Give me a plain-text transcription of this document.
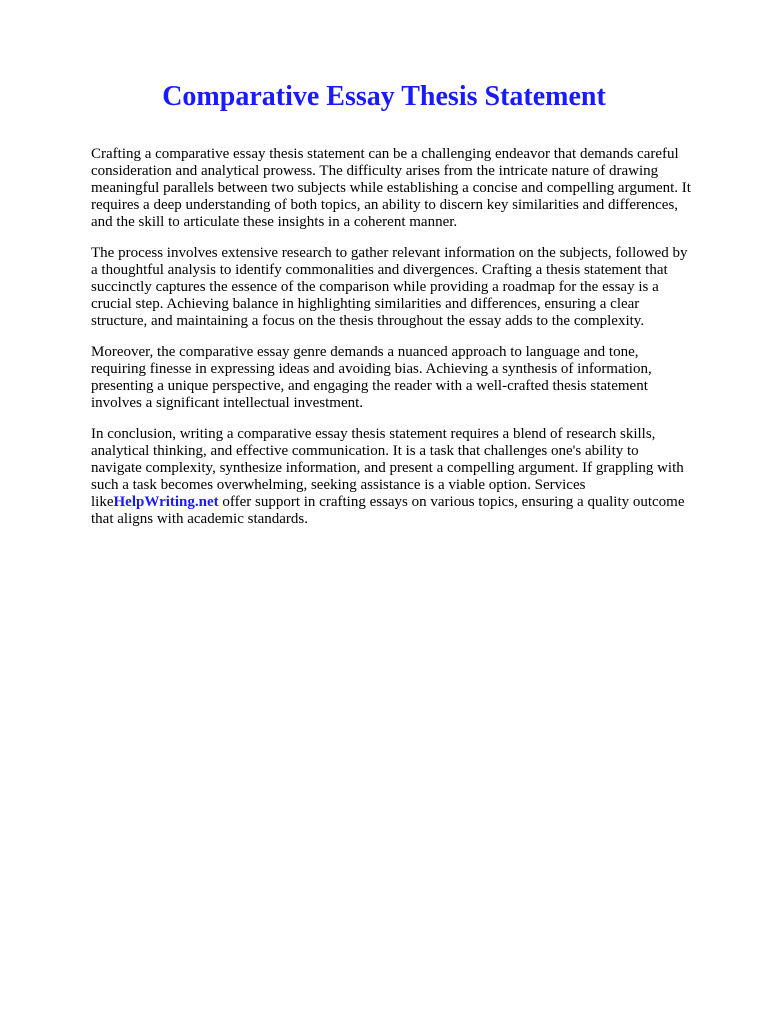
Comparative Essay Thesis Statement

Crafting a comparative essay thesis statement can be a challenging endeavor that demands careful consideration and analytical prowess. The difficulty arises from the intricate nature of drawing meaningful parallels between two subjects while establishing a concise and compelling argument. It requires a deep understanding of both topics, an ability to discern key similarities and differences, and the skill to articulate these insights in a coherent manner.

The process involves extensive research to gather relevant information on the subjects, followed by a thoughtful analysis to identify commonalities and divergences. Crafting a thesis statement that succinctly captures the essence of the comparison while providing a roadmap for the essay is a crucial step. Achieving balance in highlighting similarities and differences, ensuring a clear structure, and maintaining a focus on the thesis throughout the essay adds to the complexity.

Moreover, the comparative essay genre demands a nuanced approach to language and tone, requiring finesse in expressing ideas and avoiding bias. Achieving a synthesis of information, presenting a unique perspective, and engaging the reader with a well-crafted thesis statement involves a significant intellectual investment.

In conclusion, writing a comparative essay thesis statement requires a blend of research skills, analytical thinking, and effective communication. It is a task that challenges one's ability to navigate complexity, synthesize information, and present a compelling argument. If grappling with such a task becomes overwhelming, seeking assistance is a viable option. Services likeHelpWriting.net offer support in crafting essays on various topics, ensuring a quality outcome that aligns with academic standards.
